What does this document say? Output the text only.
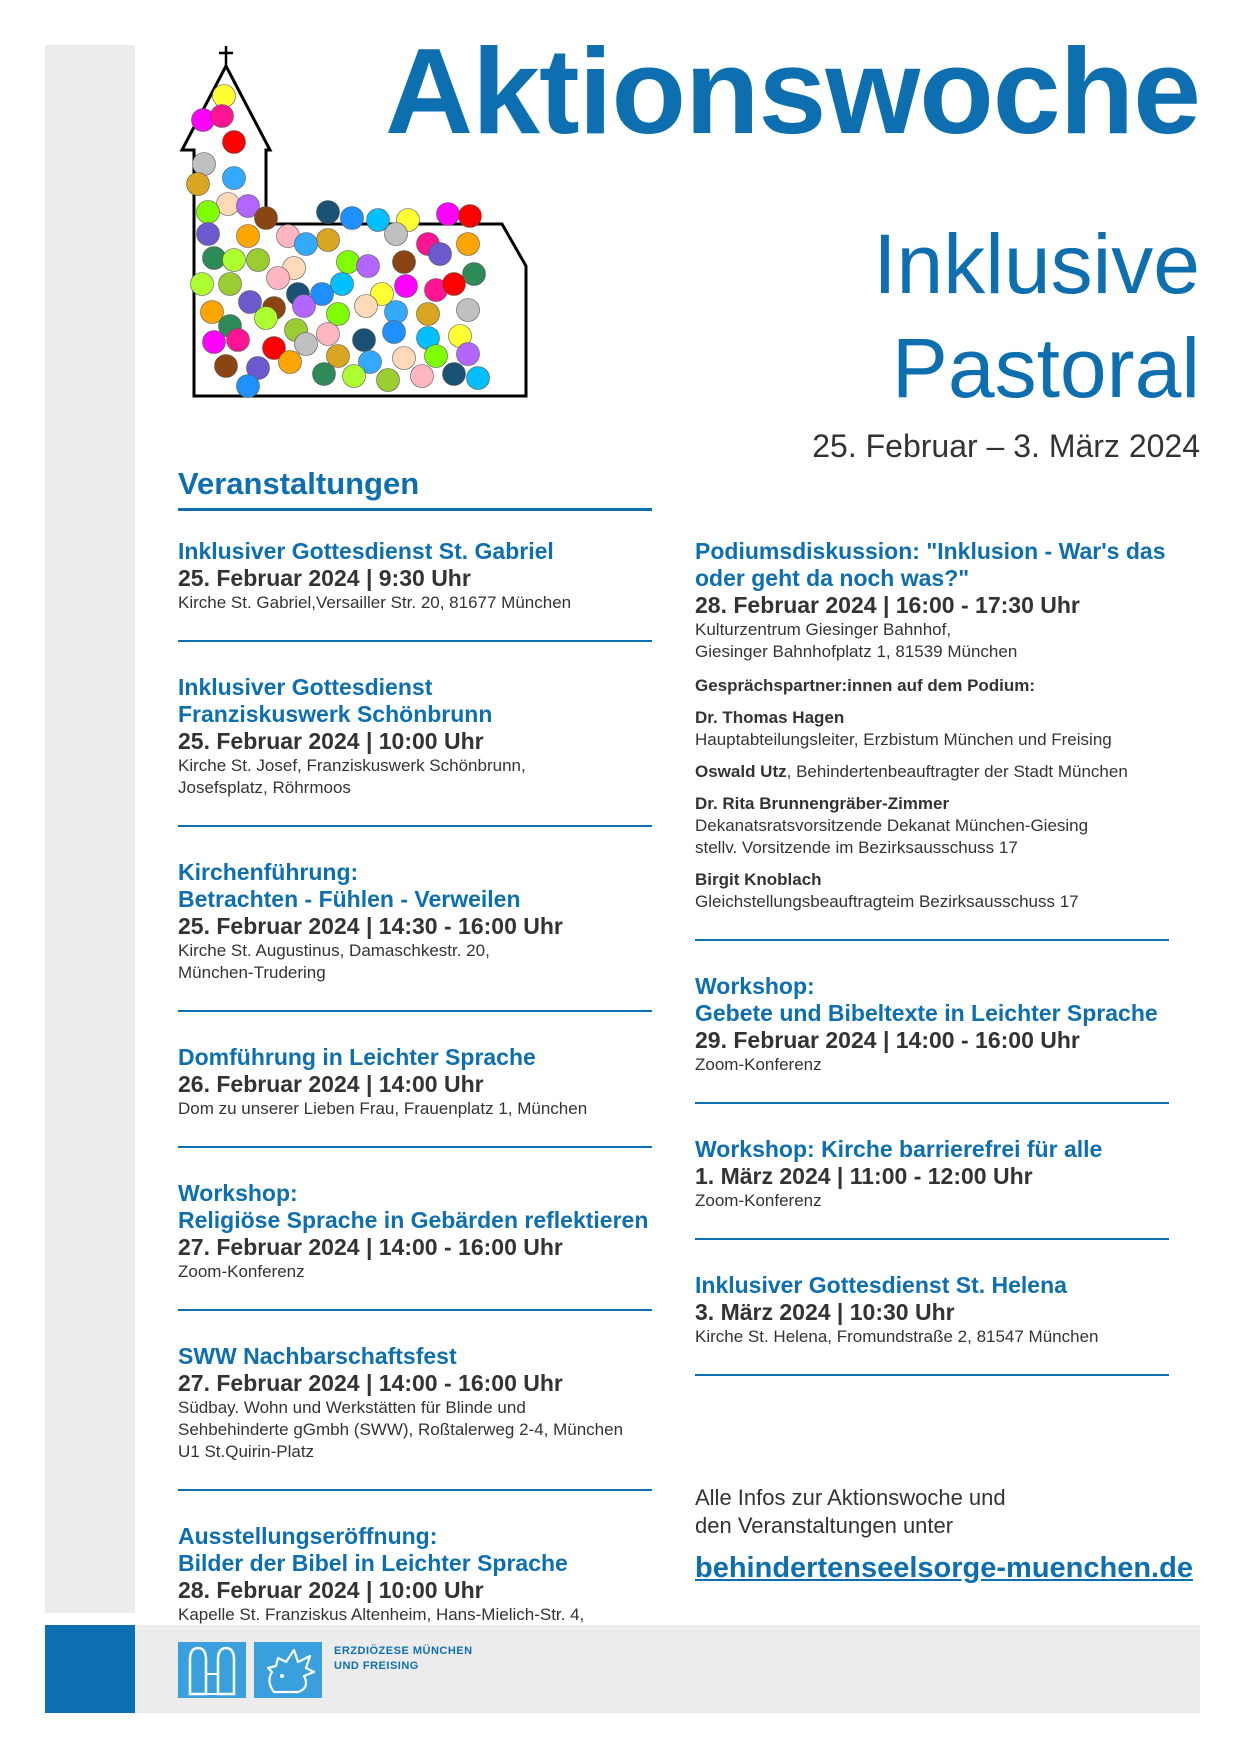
Aktionswoche
Inklusive
Pastoral
25. Februar – 3. März 2024
Veranstaltungen
Inklusiver Gottesdienst St. Gabriel
25. Februar 2024 | 9:30 Uhr
Kirche St. Gabriel,Versailler Str. 20, 81677 München
Inklusiver Gottesdienst
Franziskuswerk Schönbrunn
25. Februar 2024 | 10:00 Uhr
Kirche St. Josef, Franziskuswerk Schönbrunn,
Josefsplatz, Röhrmoos
Kirchenführung:
Betrachten - Fühlen - Verweilen
25. Februar 2024 | 14:30 - 16:00 Uhr
Kirche St. Augustinus, Damaschkestr. 20,
München-Trudering
Domführung in Leichter Sprache
26. Februar 2024 | 14:00 Uhr
Dom zu unserer Lieben Frau, Frauenplatz 1, München
Workshop:
Religiöse Sprache in Gebärden reflektieren
27. Februar 2024 | 14:00 - 16:00 Uhr
Zoom-Konferenz
SWW Nachbarschaftsfest
27. Februar 2024 | 14:00 - 16:00 Uhr
Südbay. Wohn und Werkstätten für Blinde und
Sehbehinderte gGmbh (SWW), Roßtalerweg 2-4, München
U1 St.Quirin-Platz
Ausstellungseröffnung:
Bilder der Bibel in Leichter Sprache
28. Februar 2024 | 10:00 Uhr
Kapelle St. Franziskus Altenheim, Hans-Mielich-Str. 4,

Podiumsdiskussion: "Inklusion - War's das
oder geht da noch was?"
28. Februar 2024 | 16:00 - 17:30 Uhr
Kulturzentrum Giesinger Bahnhof,
Giesinger Bahnhofplatz 1, 81539 München
Gesprächspartner:innen auf dem Podium:
Dr. Thomas Hagen
Hauptabteilungsleiter, Erzbistum München und Freising
Oswald Utz, Behindertenbeauftragter der Stadt München
Dr. Rita Brunnengräber-Zimmer
Dekanatsratsvorsitzende Dekanat München-Giesing
stellv. Vorsitzende im Bezirksausschuss 17
Birgit Knoblach
Gleichstellungsbeauftragteim Bezirksausschuss 17
Workshop:
Gebete und Bibeltexte in Leichter Sprache
29. Februar 2024 | 14:00 - 16:00 Uhr
Zoom-Konferenz
Workshop: Kirche barrierefrei für alle
1. März 2024 | 11:00 - 12:00 Uhr
Zoom-Konferenz
Inklusiver Gottesdienst St. Helena
3. März 2024 | 10:30 Uhr
Kirche St. Helena, Fromundstraße 2, 81547 München
Alle Infos zur Aktionswoche und
den Veranstaltungen unter
behindertenseelsorge-muenchen.de
ERZDIÖZESE MÜNCHEN
UND FREISING
